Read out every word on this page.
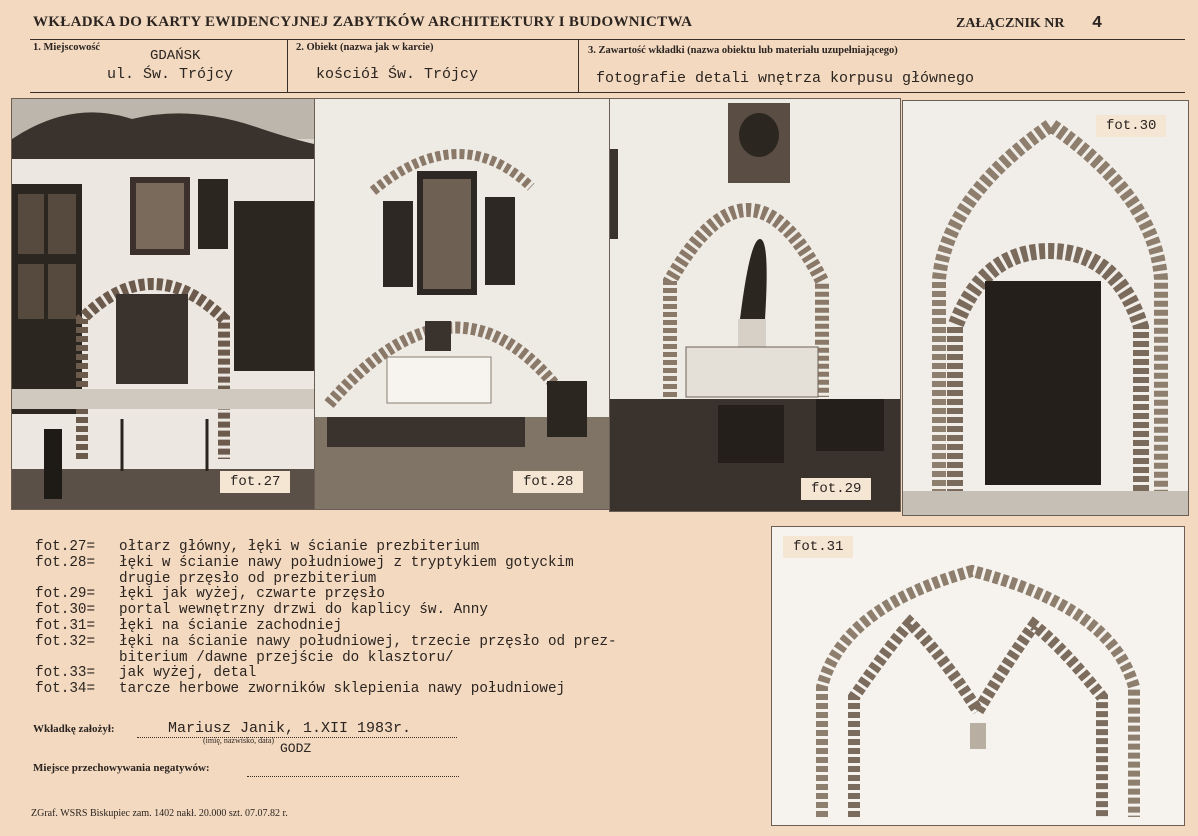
WKŁADKA DO KARTY EWIDENCYJNEJ ZABYTKÓW ARCHITEKTURY I BUDOWNICTWA	ZAŁĄCZNIK NR 4
1. Miejscowość
GDAŃSK
ul. Św. Trójcy
2. Obiekt (nazwa jak w karcie)
kościół Św. Trójcy
3. Zawartość wkładki (nazwa obiektu lub materiału uzupełniającego)
fotografie detali wnętrza korpusu głównego
fot.27	fot.28	fot.29
fot.30
fot.31
fot.27=	ołtarz główny, łęki w ścianie prezbiterium
fot.28=	łęki w ścianie nawy południowej z tryptykiem gotyckim
drugie przęsło od prezbiterium
fot.29=	łęki jak wyżej, czwarte przęsło
fot.30=	portal wewnętrzny drzwi do kaplicy św. Anny
fot.31=	łęki na ścianie zachodniej
fot.32=	łęki na ścianie nawy południowej, trzecie przęsło od prez-
biterium /dawne przejście do klasztoru/
fot.33=	jak wyżej, detal
fot.34=	tarcze herbowe zworników sklepienia nawy południowej
Wkładkę założył:	Mariusz Janik, 1.XII 1983r.
(imię, nazwisko, data)
GODZ
Miejsce przechowywania negatywów:
ZGraf. WSRS Biskupiec zam. 1402 nakł. 20.000 szt. 07.07.82 r.
